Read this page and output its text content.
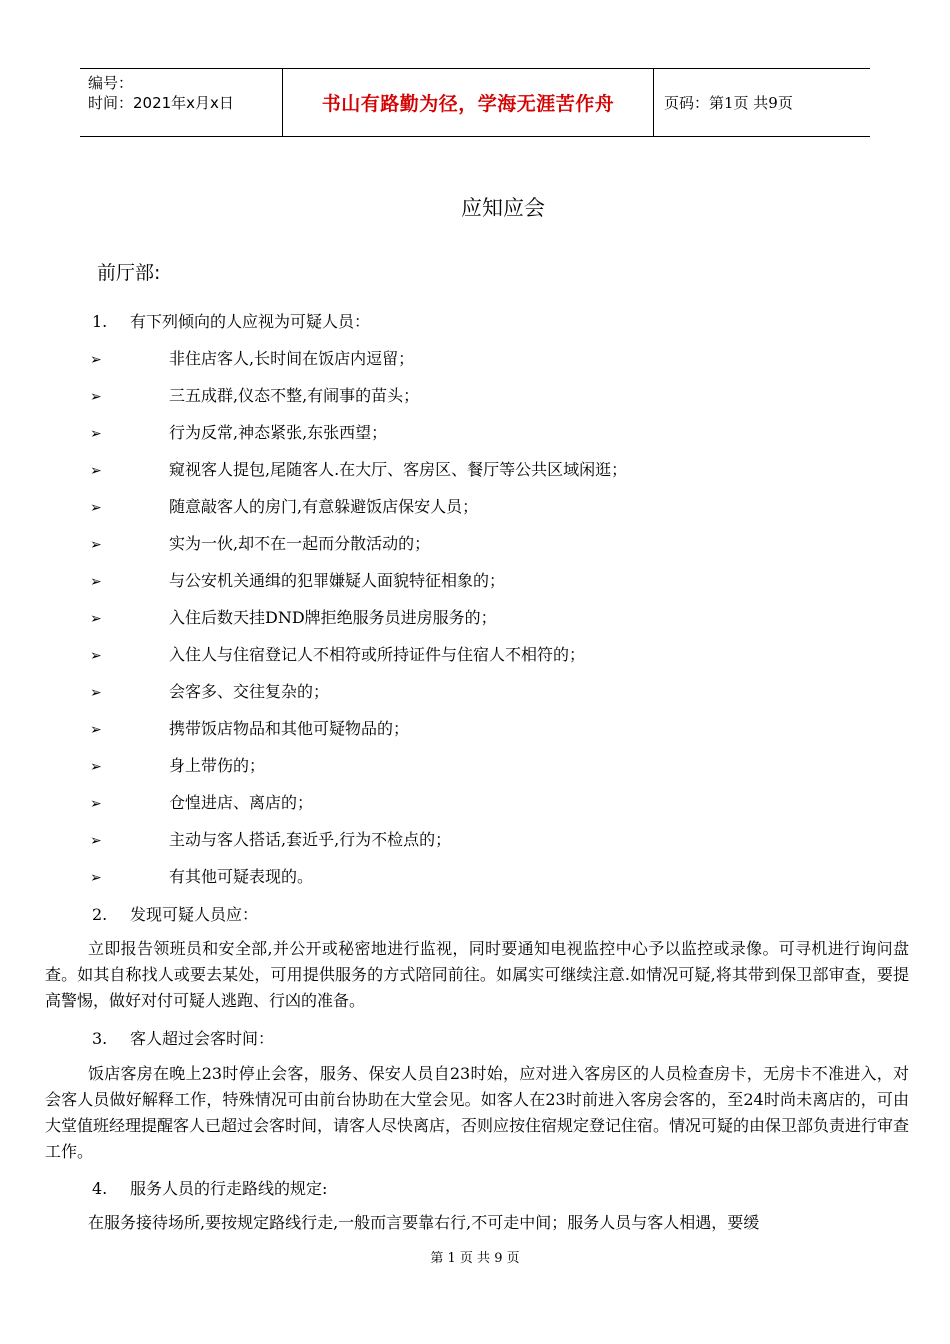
编号：
时间：2021年x月x日	书山有路勤为径，学海无涯苦作舟	页码：第1页 共9页
应知应会
前厅部:
1. 有下列倾向的人应视为可疑人员：
➢	非住店客人,长时间在饭店内逗留；
➢	三五成群,仪态不整,有闹事的苗头；
➢	行为反常,神态紧张,东张西望；
➢	窥视客人提包,尾随客人.在大厅、客房区、餐厅等公共区域闲逛；
➢	随意敲客人的房门,有意躲避饭店保安人员；
➢	实为一伙,却不在一起而分散活动的；
➢	与公安机关通缉的犯罪嫌疑人面貌特征相象的；
➢	入住后数天挂DND牌拒绝服务员进房服务的；
➢	入住人与住宿登记人不相符或所持证件与住宿人不相符的；
➢	会客多、交往复杂的；
➢	携带饭店物品和其他可疑物品的；
➢	身上带伤的；
➢	仓惶进店、离店的；
➢	主动与客人搭话,套近乎,行为不检点的；
➢	有其他可疑表现的。
2. 发现可疑人员应：
立即报告领班员和安全部,并公开或秘密地进行监视，同时要通知电视监控中心予以监控或录像。可寻机进行询问盘查。如其自称找人或要去某处，可用提供服务的方式陪同前往。如属实可继续注意.如情况可疑,将其带到保卫部审查，要提高警惕，做好对付可疑人逃跑、行凶的准备。
3. 客人超过会客时间：
饭店客房在晚上23时停止会客，服务、保安人员自23时始，应对进入客房区的人员检查房卡，无房卡不准进入，对会客人员做好解释工作，特殊情况可由前台协助在大堂会见。如客人在23时前进入客房会客的，至24时尚未离店的，可由大堂值班经理提醒客人已超过会客时间，请客人尽快离店，否则应按住宿规定登记住宿。情况可疑的由保卫部负责进行审查工作。
4. 服务人员的行走路线的规定:
在服务接待场所,要按规定路线行走,一般而言要靠右行,不可走中间；服务人员与客人相遇，要缓
第 1 页 共 9 页
